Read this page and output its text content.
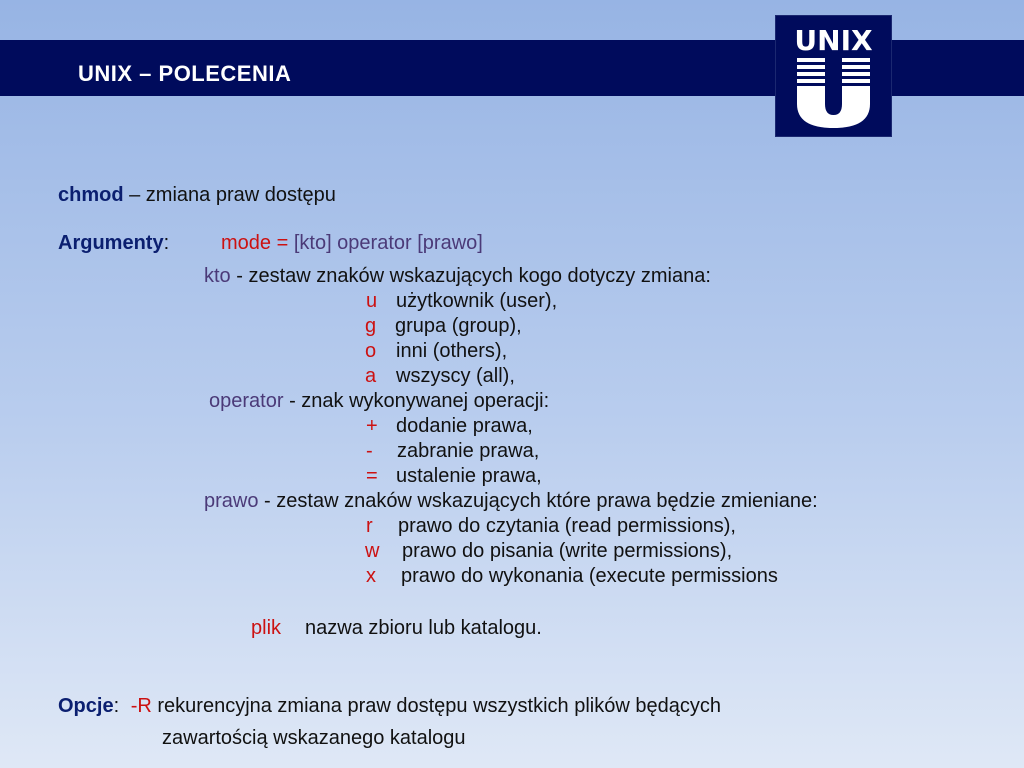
UNIX – POLECENIA
UNIX
chmod – zmiana praw dostępu
Argumenty:	mode = [kto] operator [prawo]
kto - zestaw znaków wskazujących kogo dotyczy zmiana:
u użytkownik (user),
g grupa (group),
o inni (others),
a wszyscy (all),
operator - znak wykonywanej operacji:
+ dodanie prawa,
- zabranie prawa,
= ustalenie prawa,
prawo - zestaw znaków wskazujących które prawa będzie zmieniane:
r prawo do czytania (read permissions),
w prawo do pisania (write permissions),
x prawo do wykonania (execute permissions
plik nazwa zbioru lub katalogu.
Opcje: -R rekurencyjna zmiana praw dostępu wszystkich plików będących
zawartością wskazanego katalogu
